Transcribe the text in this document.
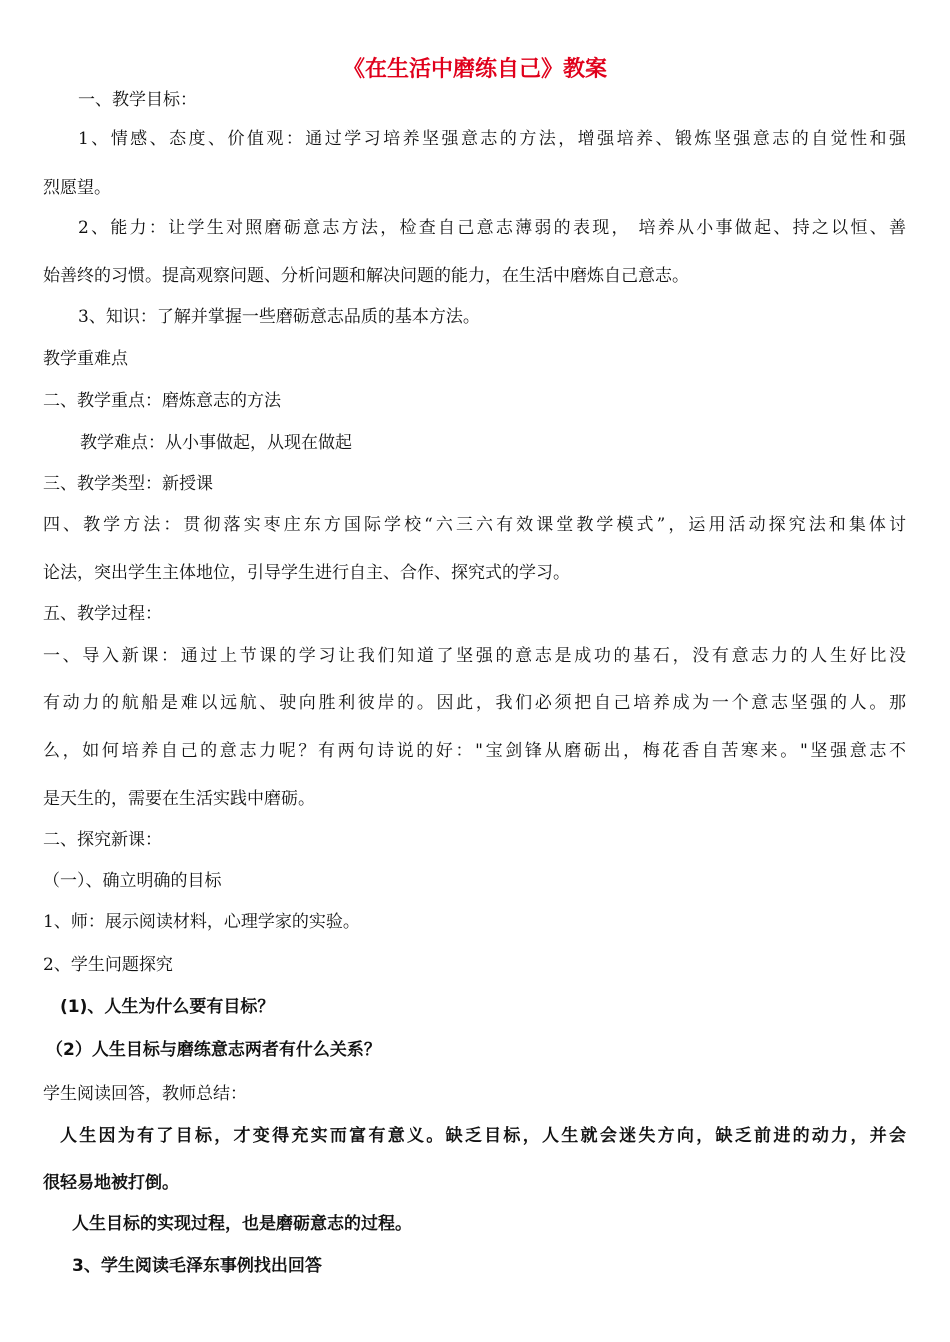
《在生活中磨练自己》教案
一、教学目标：
1、情感、态度、价值观：通过学习培养坚强意志的方法，增强培养、锻炼坚强意志的自觉性和强
烈愿望。
2、能力：让学生对照磨砺意志方法，检查自己意志薄弱的表现， 培养从小事做起、持之以恒、善
始善终的习惯。提高观察问题、分析问题和解决问题的能力，在生活中磨炼自己意志。
3、知识：了解并掌握一些磨砺意志品质的基本方法。
教学重难点
二、教学重点：磨炼意志的方法
教学难点：从小事做起，从现在做起
三、教学类型：新授课
四、教学方法：贯彻落实枣庄东方国际学校“六三六有效课堂教学模式”，运用活动探究法和集体讨
论法，突出学生主体地位，引导学生进行自主、合作、探究式的学习。
五、教学过程：
一、导入新课：通过上节课的学习让我们知道了坚强的意志是成功的基石，没有意志力的人生好比没
有动力的航船是难以远航、驶向胜利彼岸的。因此，我们必须把自己培养成为一个意志坚强的人。那
么，如何培养自己的意志力呢？有两句诗说的好："宝剑锋从磨砺出，梅花香自苦寒来。"坚强意志不
是天生的，需要在生活实践中磨砺。
二、探究新课：
（一）、确立明确的目标
1、师：展示阅读材料，心理学家的实验。
2、学生问题探究
(1)、人生为什么要有目标？
（2）人生目标与磨练意志两者有什么关系？
学生阅读回答，教师总结：
人生因为有了目标，才变得充实而富有意义。缺乏目标，人生就会迷失方向，缺乏前进的动力，并会
很轻易地被打倒。
人生目标的实现过程，也是磨砺意志的过程。
3、学生阅读毛泽东事例找出回答
